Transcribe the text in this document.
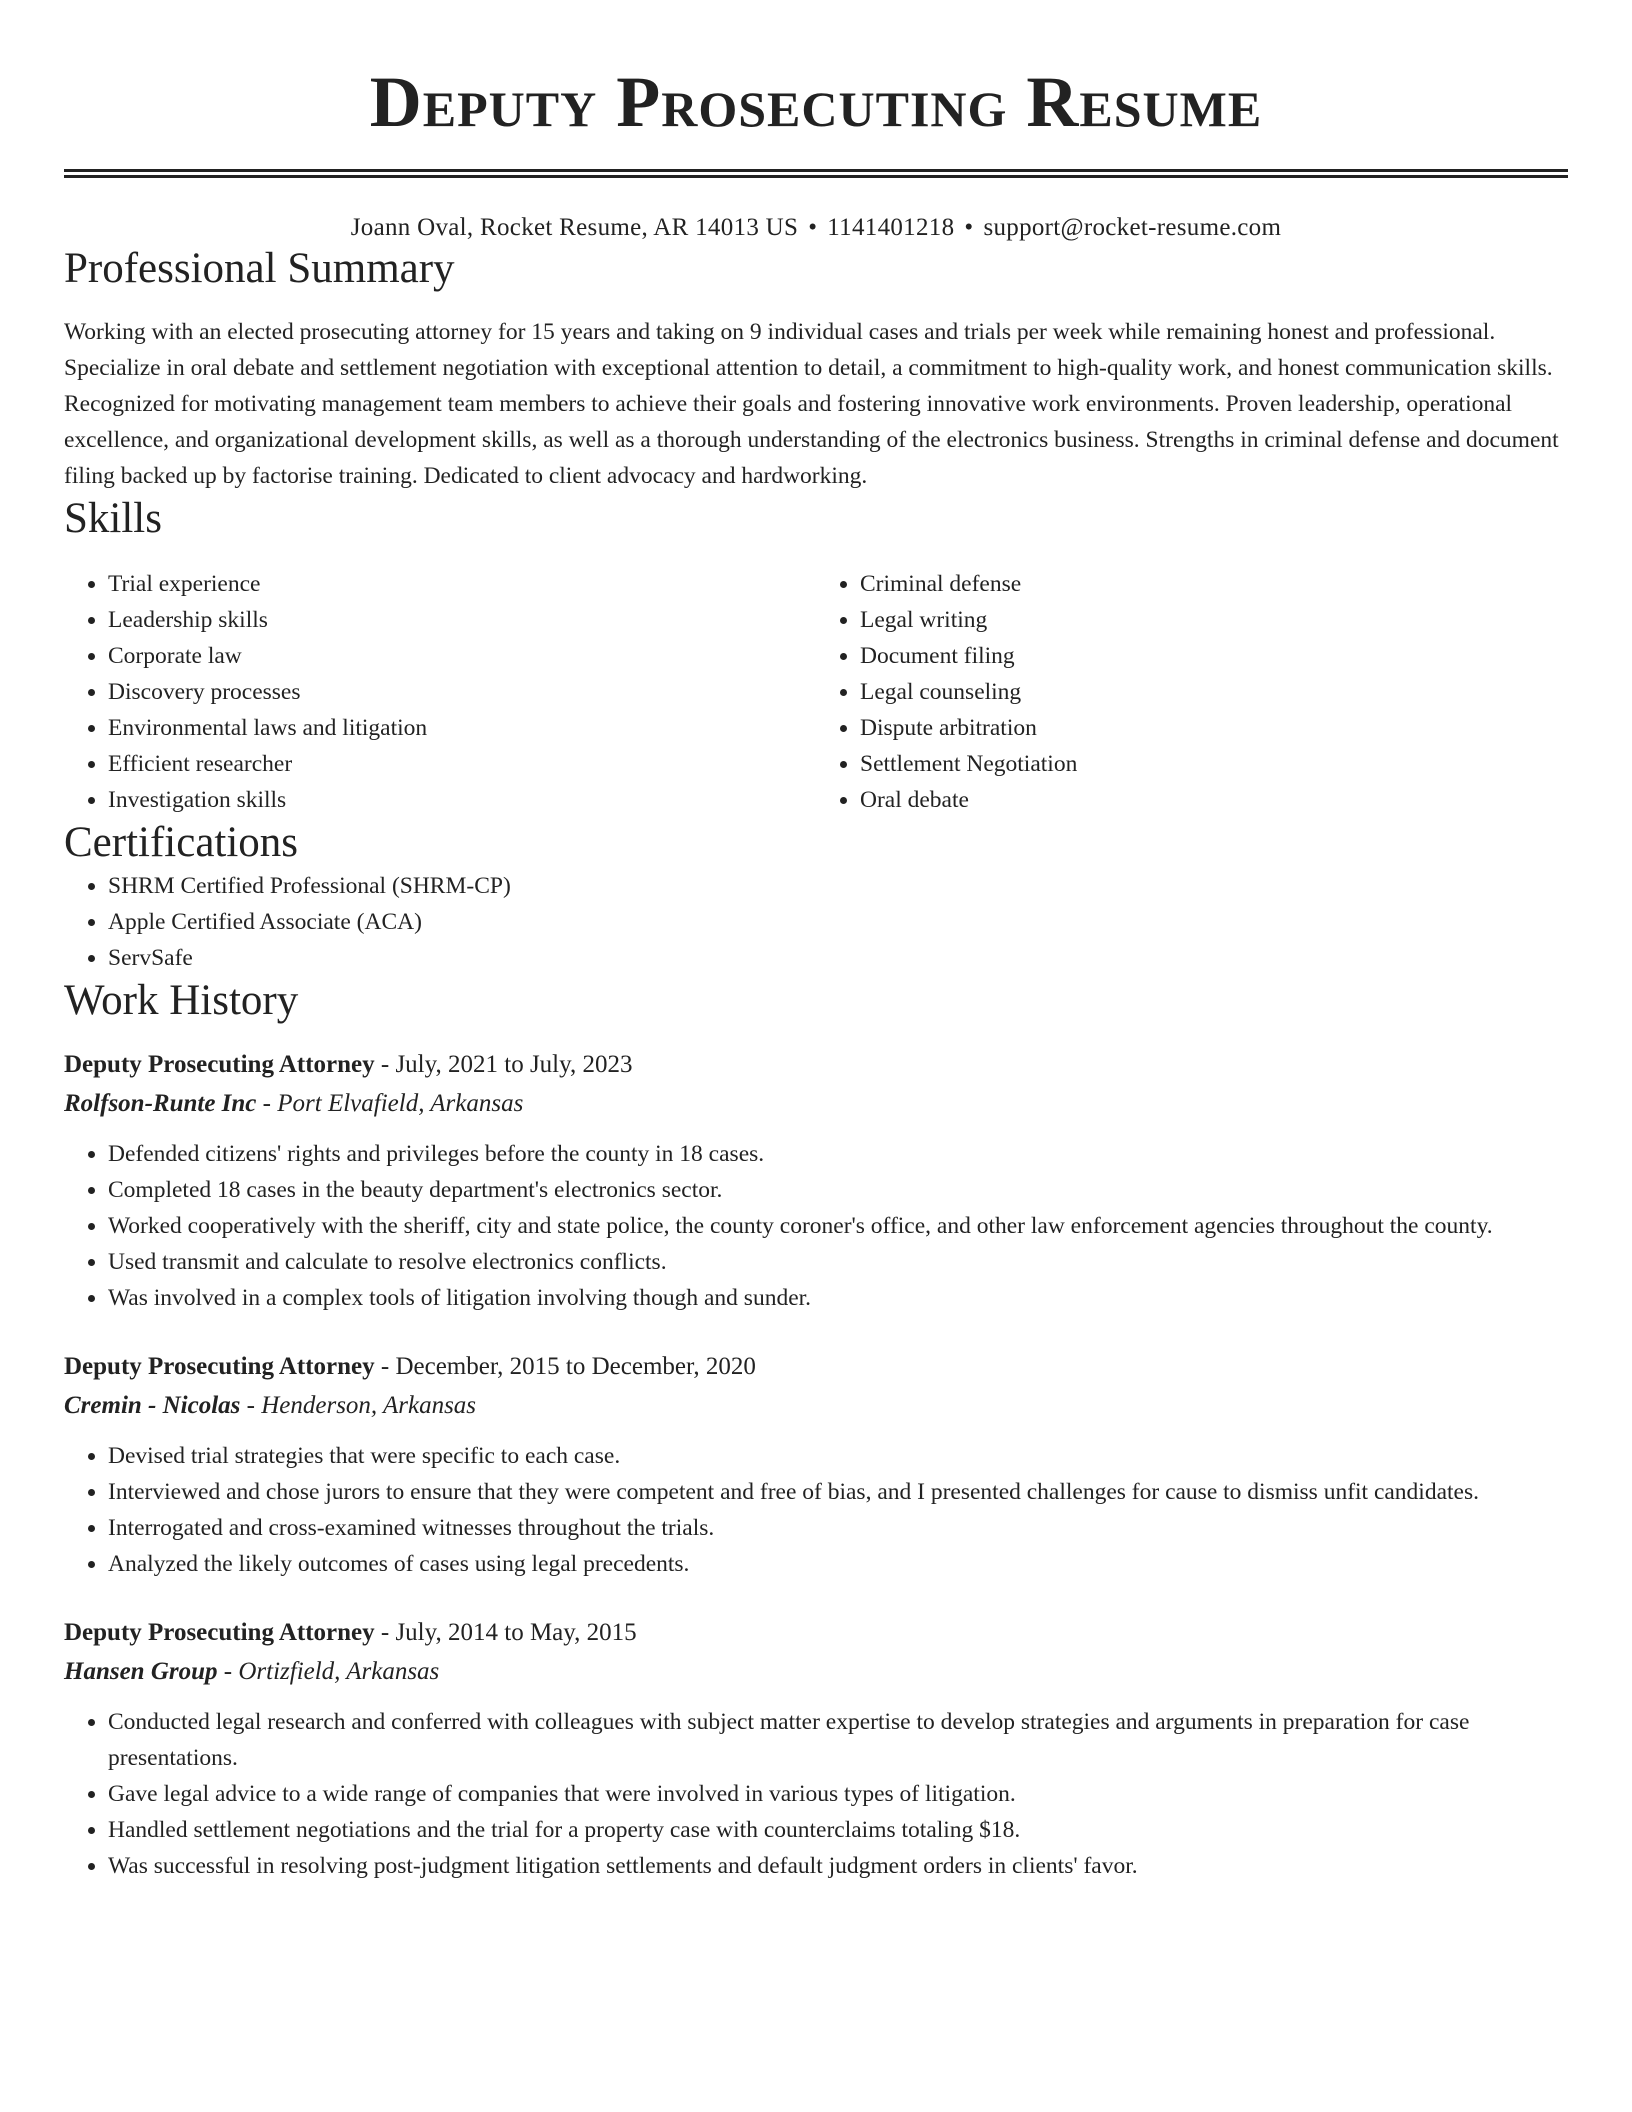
Deputy Prosecuting Resume
Joann Oval, Rocket Resume, AR 14013 US • 1141401218 • support@rocket-resume.com
Professional Summary

Working with an elected prosecuting attorney for 15 years and taking on 9 individual cases and trials per week while remaining honest and professional. Specialize in oral debate and settlement negotiation with exceptional attention to detail, a commitment to high-quality work, and honest communication skills. Recognized for motivating management team members to achieve their goals and fostering innovative work environments. Proven leadership, operational excellence, and organizational development skills, as well as a thorough understanding of the electronics business. Strengths in criminal defense and document filing backed up by factorise training. Dedicated to client advocacy and hardworking.

Skills
• Trial experience
• Leadership skills
• Corporate law
• Discovery processes
• Environmental laws and litigation
• Efficient researcher
• Investigation skills
• Criminal defense
• Legal writing
• Document filing
• Legal counseling
• Dispute arbitration
• Settlement Negotiation
• Oral debate
Certifications
• SHRM Certified Professional (SHRM-CP)
• Apple Certified Associate (ACA)
• ServSafe
Work History
Deputy Prosecuting Attorney - July, 2021 to July, 2023
Rolfson-Runte Inc - Port Elvafield, Arkansas
• Defended citizens' rights and privileges before the county in 18 cases.
• Completed 18 cases in the beauty department's electronics sector.
• Worked cooperatively with the sheriff, city and state police, the county coroner's office, and other law enforcement agencies throughout the county.
• Used transmit and calculate to resolve electronics conflicts.
• Was involved in a complex tools of litigation involving though and sunder.
Deputy Prosecuting Attorney - December, 2015 to December, 2020
Cremin - Nicolas - Henderson, Arkansas
• Devised trial strategies that were specific to each case.
• Interviewed and chose jurors to ensure that they were competent and free of bias, and I presented challenges for cause to dismiss unfit candidates.
• Interrogated and cross-examined witnesses throughout the trials.
• Analyzed the likely outcomes of cases using legal precedents.
Deputy Prosecuting Attorney - July, 2014 to May, 2015
Hansen Group - Ortizfield, Arkansas
• Conducted legal research and conferred with colleagues with subject matter expertise to develop strategies and arguments in preparation for case presentations.
• Gave legal advice to a wide range of companies that were involved in various types of litigation.
• Handled settlement negotiations and the trial for a property case with counterclaims totaling $18.
• Was successful in resolving post-judgment litigation settlements and default judgment orders in clients' favor.
